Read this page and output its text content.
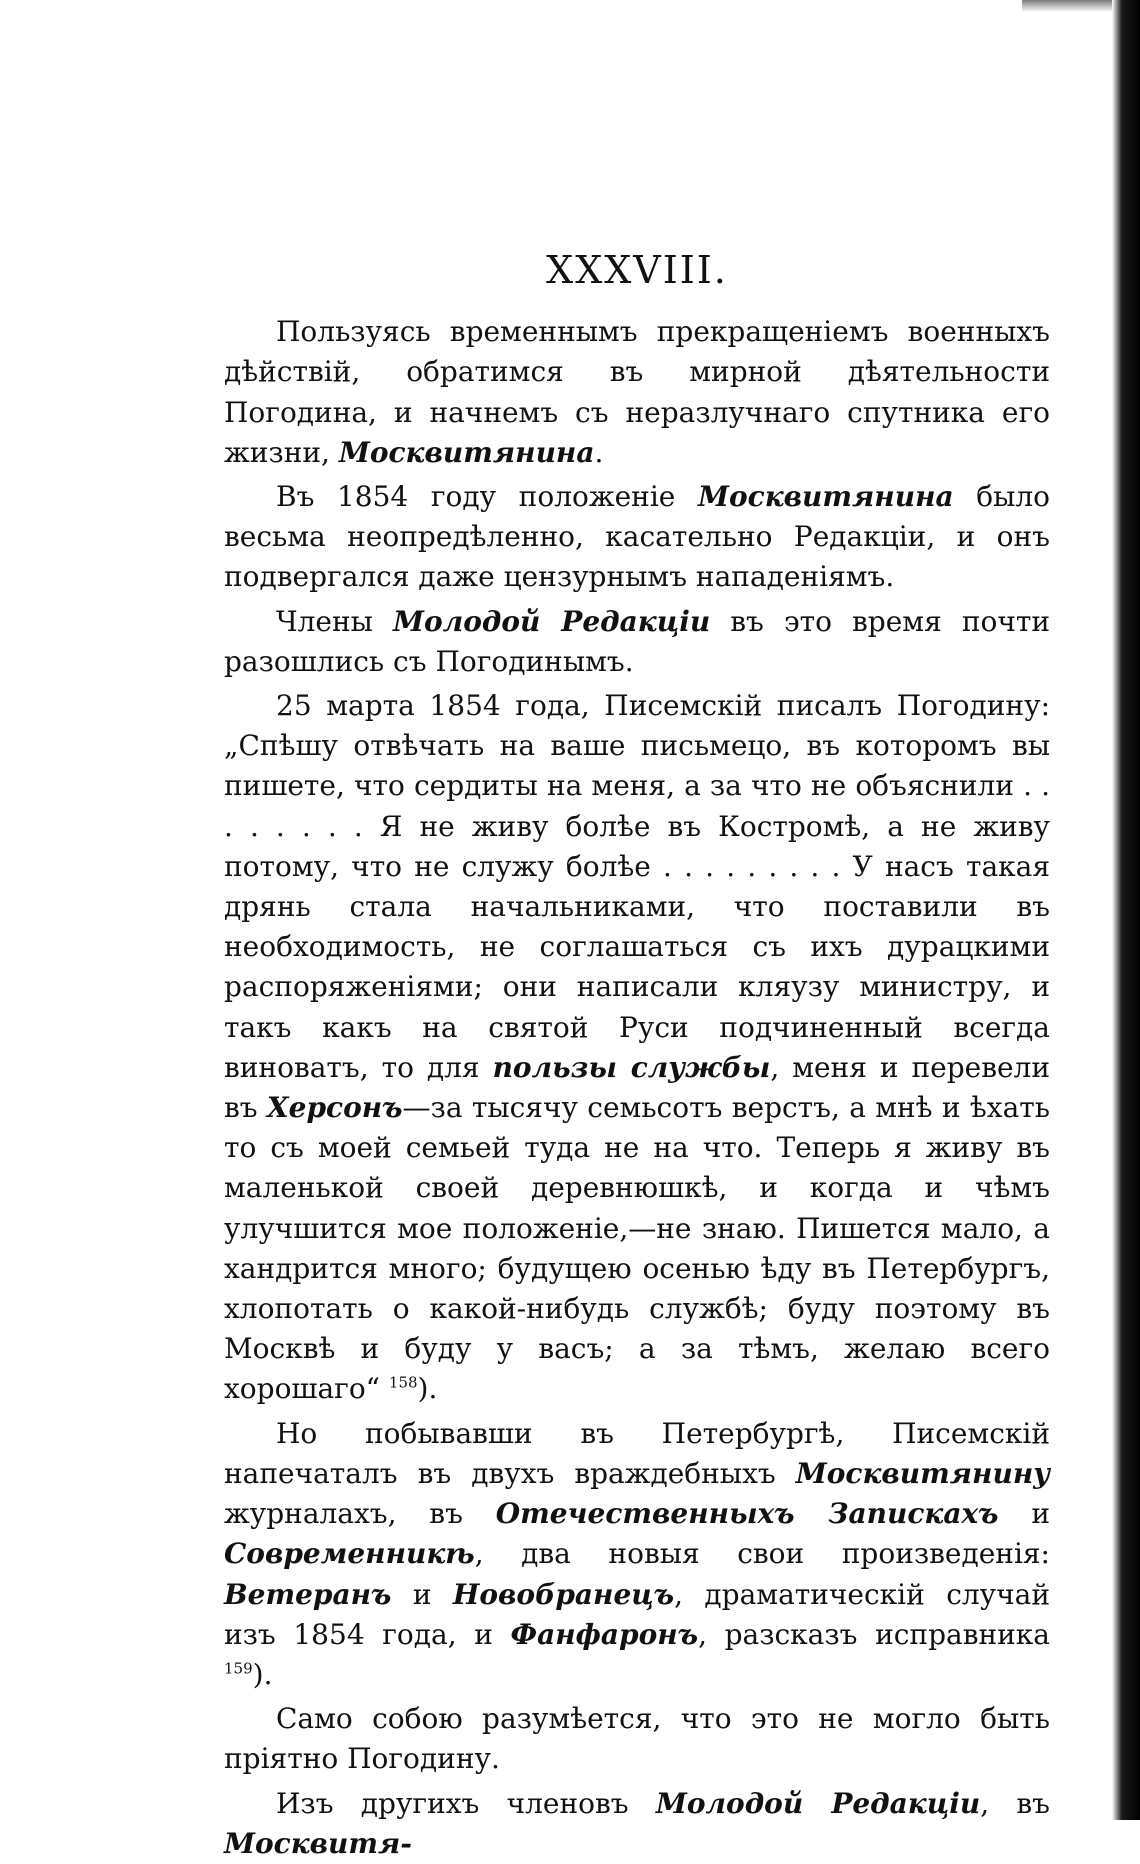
XXXVIII.

Пользуясь временнымъ прекращеніемъ военныхъ дѣйствій, обратимся въ мирной дѣятельности Погодина, и начнемъ съ неразлучнаго спутника его жизни, Москвитянина.

Въ 1854 году положеніе Москвитянина было весьма неопредѣленно, касательно Редакціи, и онъ подвергался даже цензурнымъ нападеніямъ.

Члены Молодой Редакціи въ это время почти разошлись съ Погодинымъ.

25 марта 1854 года, Писемскій писалъ Погодину: „Спѣшу отвѣчать на ваше письмецо, въ которомъ вы пишете, что сердиты на меня, а за что не объяснили . . . . . . . . Я не живу болѣе въ Костромѣ, а не живу потому, что не служу болѣе . . . . . . . . . У насъ такая дрянь стала начальниками, что поставили въ необходимость, не соглашаться съ ихъ дурацкими распоряженіями; они написали кляузу министру, и такъ какъ на святой Руси подчиненный всегда виноватъ, то для пользы службы, меня и перевели въ Херсонъ—за тысячу семьсотъ верстъ, а мнѣ и ѣхать то съ моей семьей туда не на что. Теперь я живу въ маленькой своей деревнюшкѣ, и когда и чѣмъ улучшится мое положеніе,—не знаю. Пишется мало, а хандрится много; будущею осенью ѣду въ Петербургъ, хлопотать о какой-нибудь службѣ; буду поэтому въ Москвѣ и буду у васъ; а за тѣмъ, желаю всего хорошаго“ $^{158}$).

Но побывавши въ Петербургѣ, Писемскій напечаталъ въ двухъ враждебныхъ Москвитянину журналахъ, въ Отечественныхъ Запискахъ и Современникѣ, два новыя свои произведенія: Ветеранъ и Новобранецъ, драматическій случай изъ 1854 года, и Фанфаронъ, разсказъ исправника $^{159}$).

Само собою разумѣется, что это не могло быть пріятно Погодину.

Изъ другихъ членовъ Молодой Редакціи, въ Москвитя-
